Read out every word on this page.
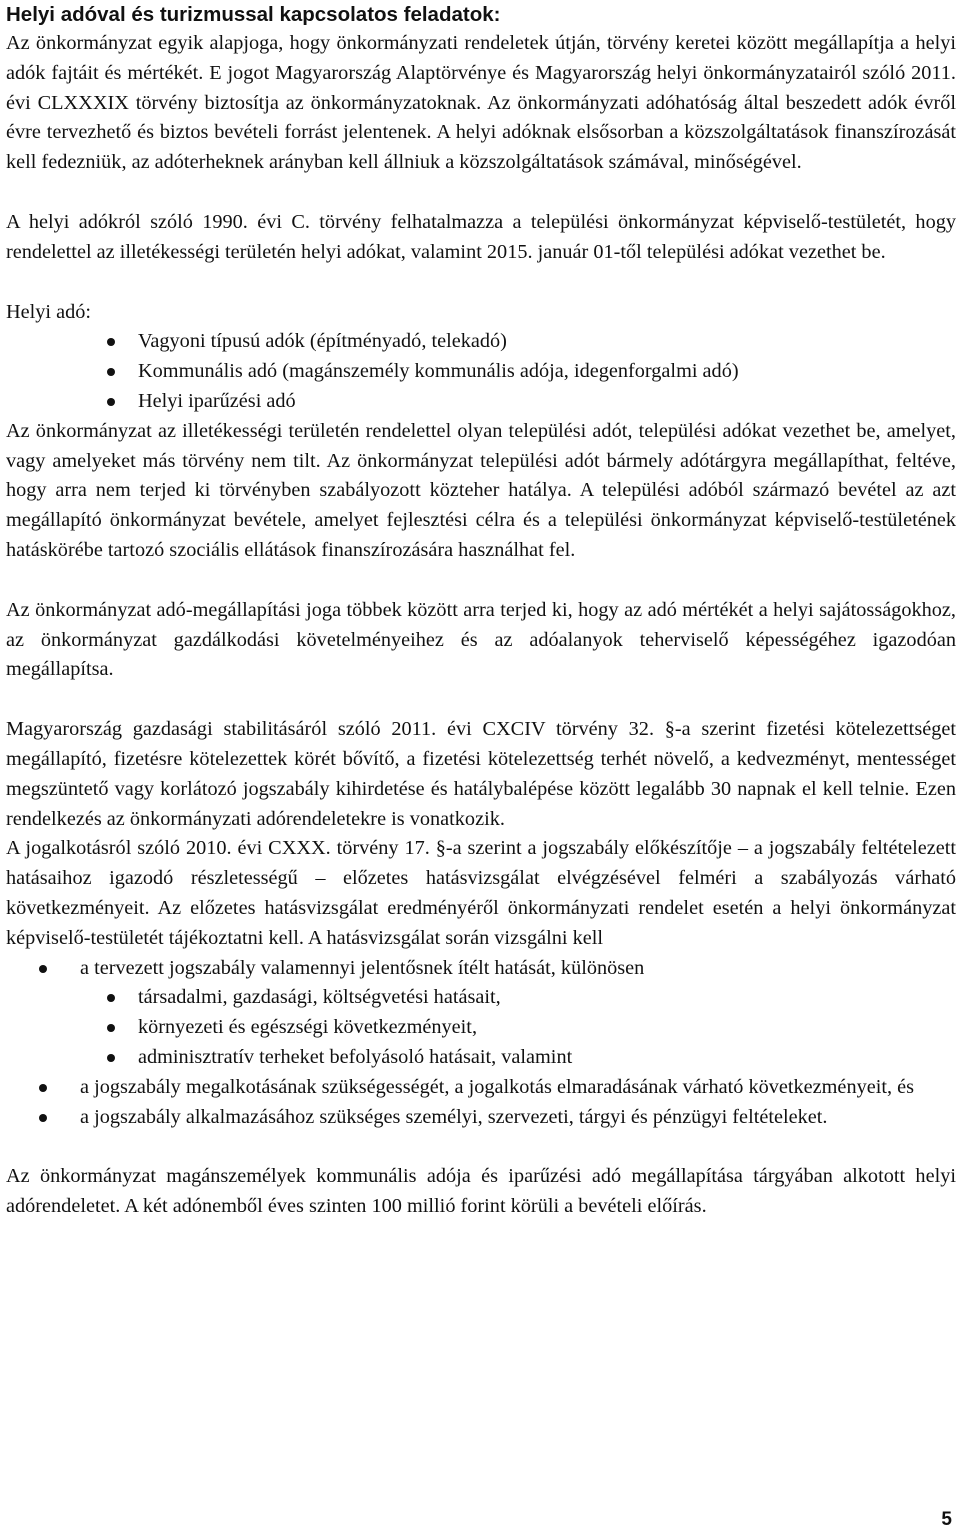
Helyi adóval és turizmussal kapcsolatos feladatok:

Az önkormányzat egyik alapjoga, hogy önkormányzati rendeletek útján, törvény keretei között megállapítja a helyi adók fajtáit és mértékét. E jogot Magyarország Alaptörvénye és Magyarország helyi önkormányzatairól szóló 2011. évi CLXXXIX törvény biztosítja az önkormányzatoknak. Az önkormányzati adóhatóság által beszedett adók évről évre tervezhető és biztos bevételi forrást jelentenek. A helyi adóknak elsősorban a közszolgáltatások finanszírozását kell fedezniük, az adóterheknek arányban kell állniuk a közszolgáltatások számával, minőségével.

A helyi adókról szóló 1990. évi C. törvény felhatalmazza a települési önkormányzat képviselő-testületét, hogy rendelettel az illetékességi területén helyi adókat, valamint 2015. január 01-től települési adókat vezethet be.

Helyi adó:

Vagyoni típusú adók (építményadó, telekadó)
Kommunális adó (magánszemély kommunális adója, idegenforgalmi adó)
Helyi iparűzési adó

Az önkormányzat az illetékességi területén rendelettel olyan települési adót, települési adókat vezethet be, amelyet, vagy amelyeket más törvény nem tilt. Az önkormányzat települési adót bármely adótárgyra megállapíthat, feltéve, hogy arra nem terjed ki törvényben szabályozott közteher hatálya. A települési adóból származó bevétel az azt megállapító önkormányzat bevétele, amelyet fejlesztési célra és a települési önkormányzat képviselő-testületének hatáskörébe tartozó szociális ellátások finanszírozására használhat fel.

Az önkormányzat adó-megállapítási joga többek között arra terjed ki, hogy az adó mértékét a helyi sajátosságokhoz, az önkormányzat gazdálkodási követelményeihez és az adóalanyok teherviselő képességéhez igazodóan megállapítsa.

Magyarország gazdasági stabilitásáról szóló 2011. évi CXCIV törvény 32. §-a szerint fizetési kötelezettséget megállapító, fizetésre kötelezettek körét bővítő, a fizetési kötelezettség terhét növelő, a kedvezményt, mentességet megszüntető vagy korlátozó jogszabály kihirdetése és hatálybalépése között legalább 30 napnak el kell telnie. Ezen rendelkezés az önkormányzati adórendeletekre is vonatkozik.

A jogalkotásról szóló 2010. évi CXXX. törvény 17. §-a szerint a jogszabály előkészítője – a jogszabály feltételezett hatásaihoz igazodó részletességű – előzetes hatásvizsgálat elvégzésével felméri a szabályozás várható következményeit. Az előzetes hatásvizsgálat eredményéről önkormányzati rendelet esetén a helyi önkormányzat képviselő-testületét tájékoztatni kell. A hatásvizsgálat során vizsgálni kell

a tervezett jogszabály valamennyi jelentősnek ítélt hatását, különösen
társadalmi, gazdasági, költségvetési hatásait,
környezeti és egészségi következményeit,
adminisztratív terheket befolyásoló hatásait, valamint
a jogszabály megalkotásának szükségességét, a jogalkotás elmaradásának várható következményeit, és
a jogszabály alkalmazásához szükséges személyi, szervezeti, tárgyi és pénzügyi feltételeket.

Az önkormányzat magánszemélyek kommunális adója és iparűzési adó megállapítása tárgyában alkotott helyi adórendeletet. A két adónemből éves szinten 100 millió forint körüli a bevételi előírás.

5
